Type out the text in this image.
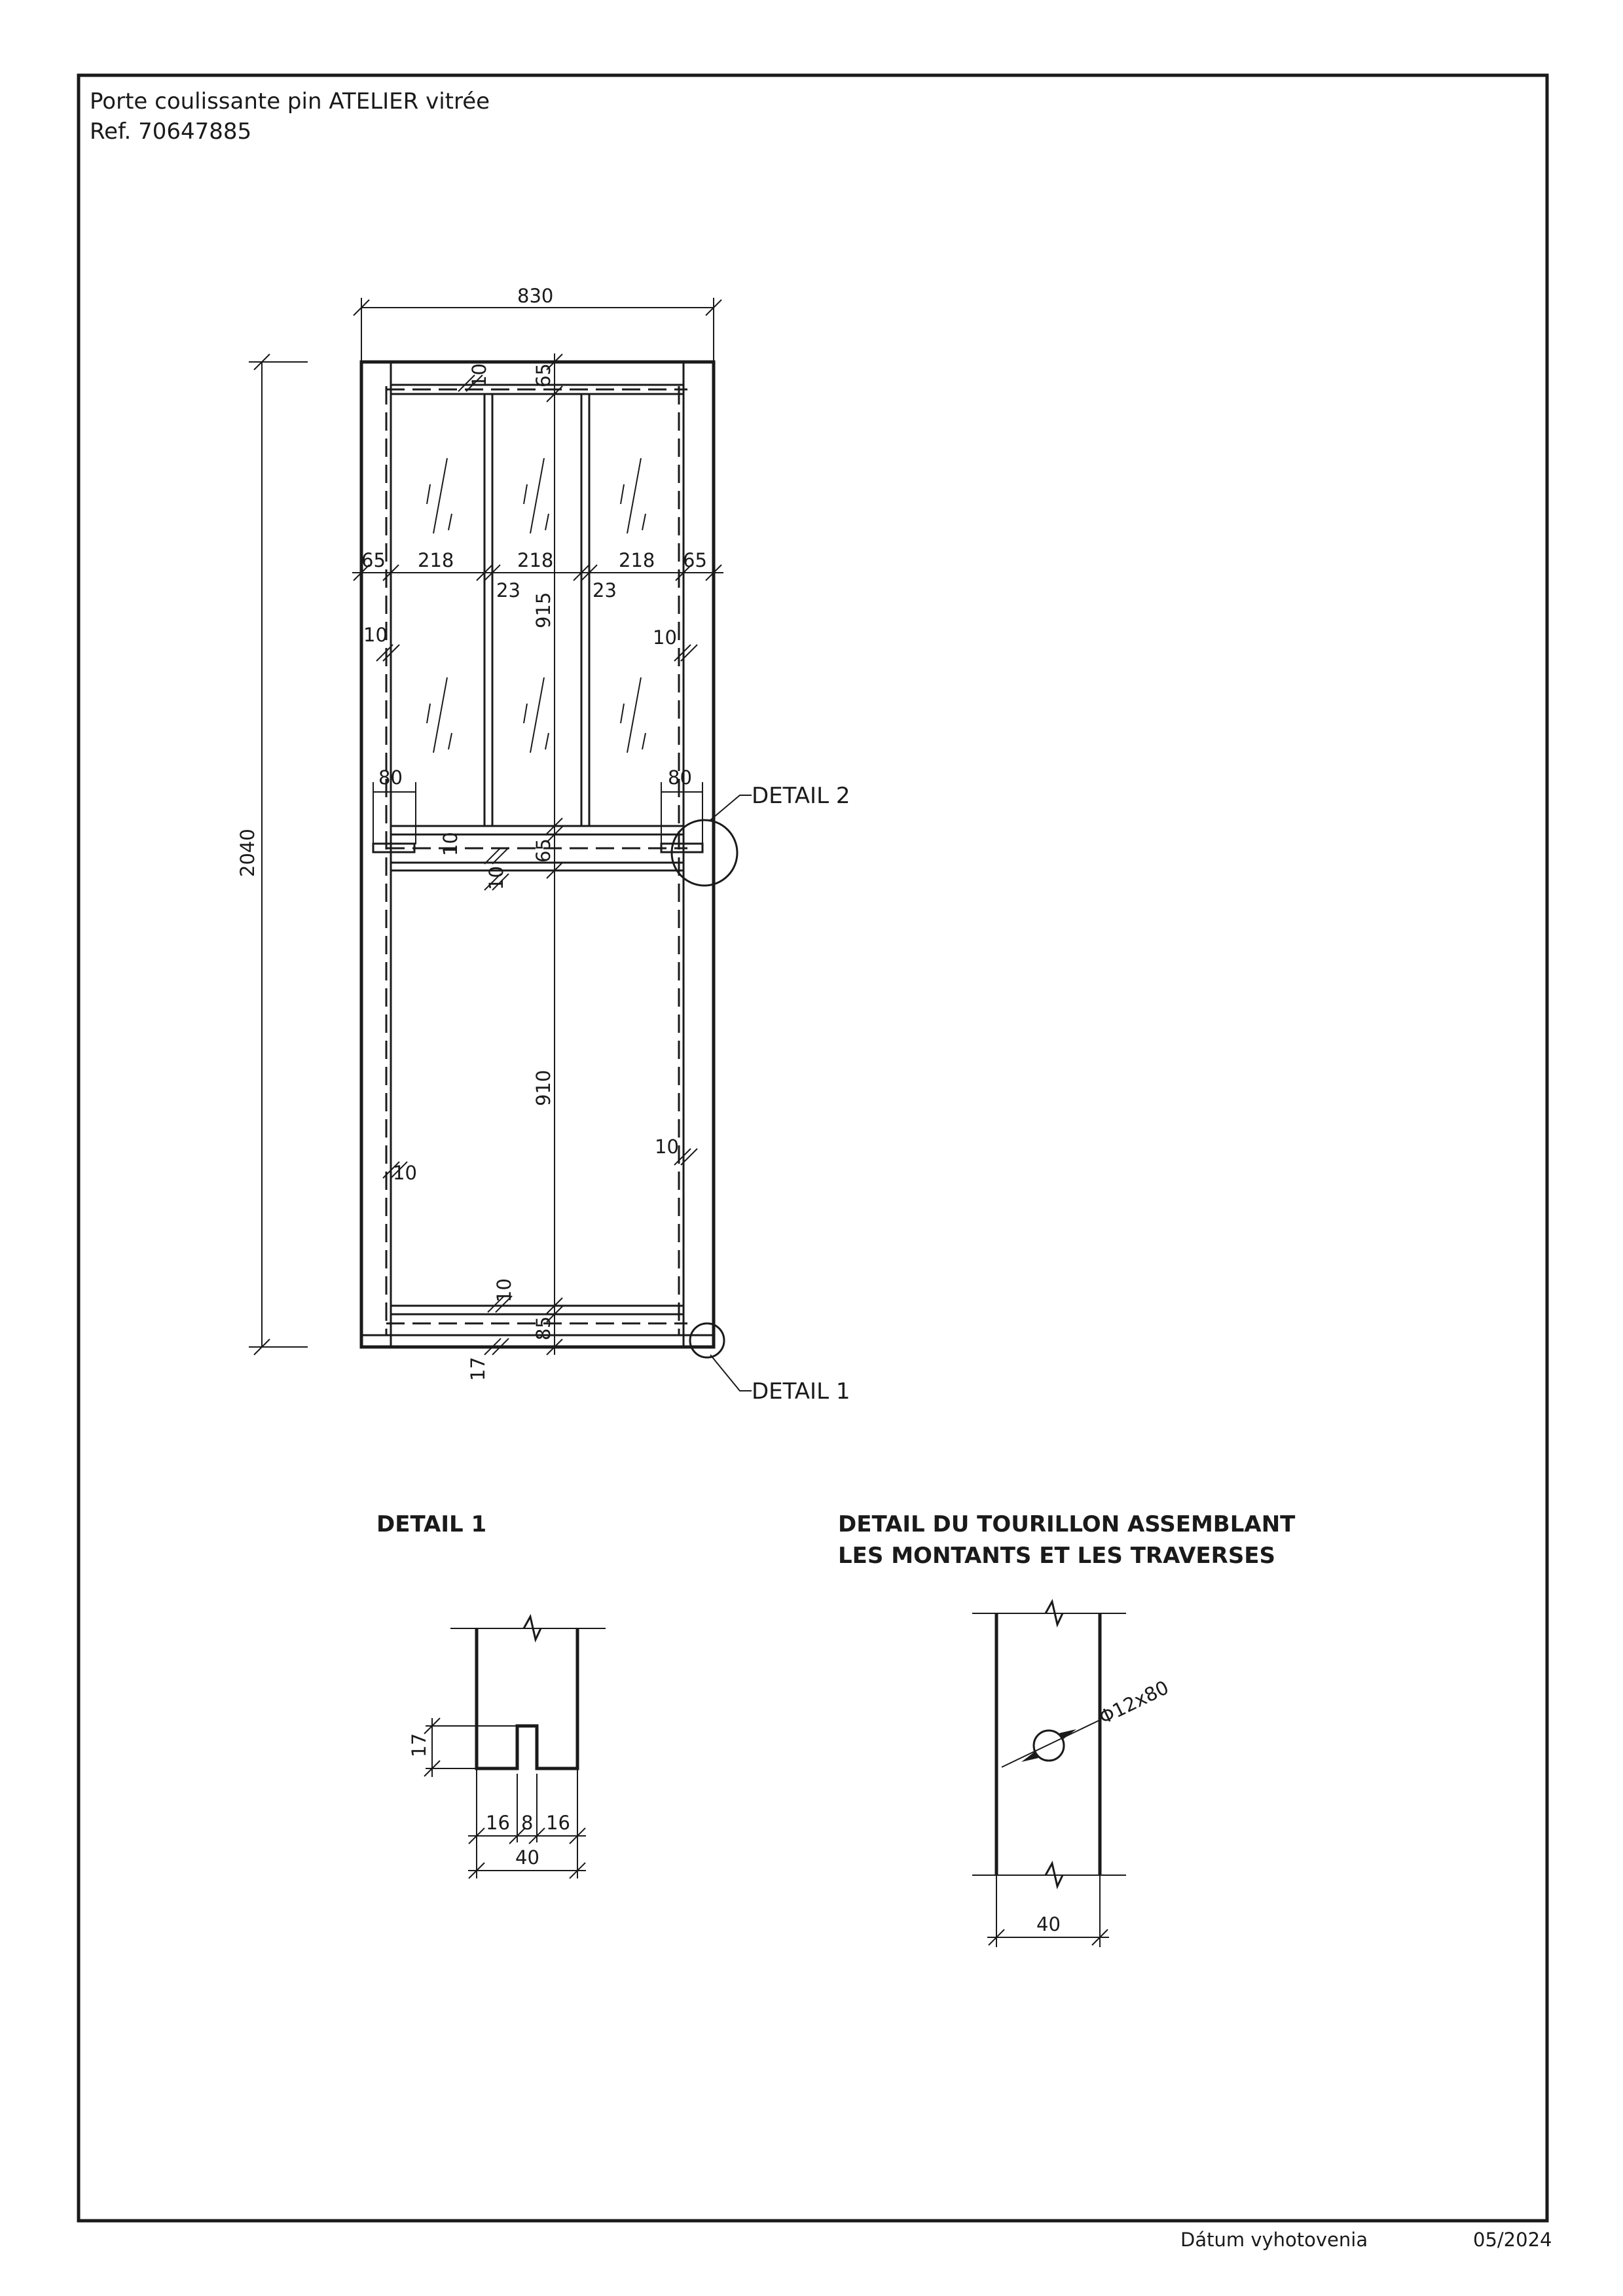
Porte coulissante pin ATELIER vitrée
Ref. 70647885
830
2040
10 65
65 218	218	218 65
23	23
915
10	10
80	80
10	65
10
910
10
10
10
85
17
DETAIL 2
DETAIL 1
DETAIL 1
17
16 8 16
40
DETAIL DU TOURILLON ASSEMBLANT
LES MONTANTS ET LES TRAVERSES
Φ12x80
40
Dátum vyhotovenia	05/2024
